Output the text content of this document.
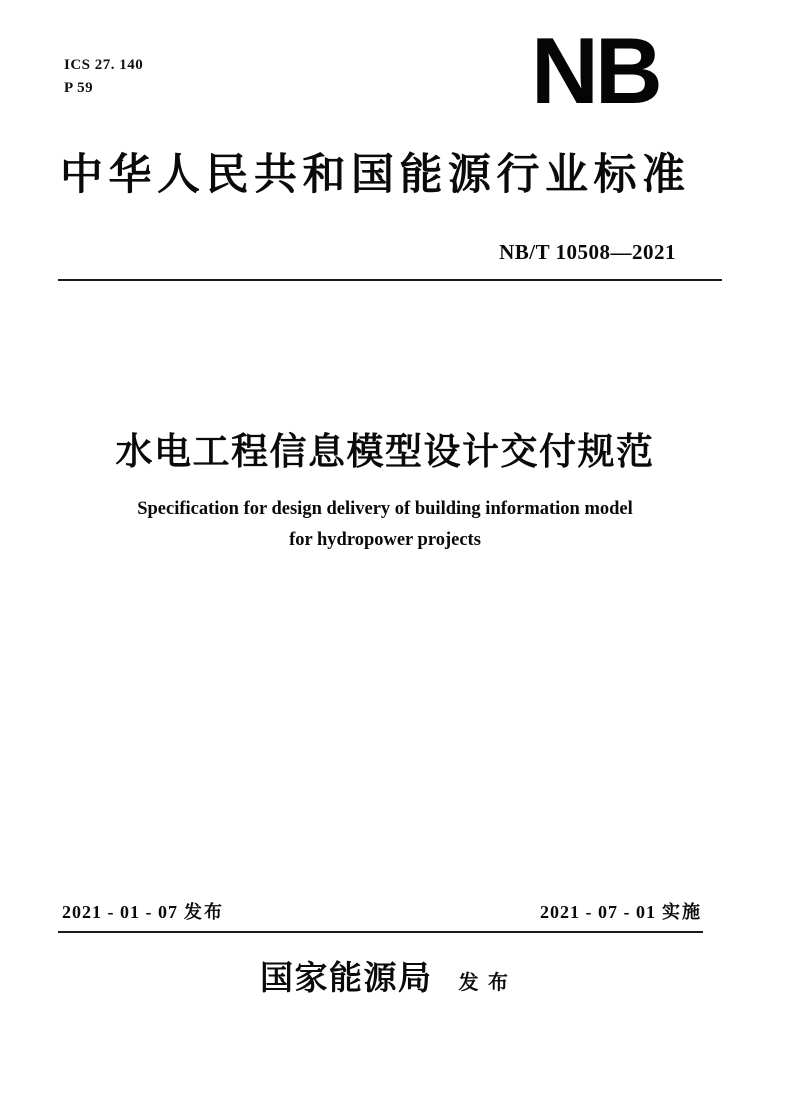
ICS 27. 140
P 59	NB
中华人民共和国能源行业标准
NB/T 10508—2021
水电工程信息模型设计交付规范
Specification for design delivery of building information model
for hydropower projects
2021 - 01 - 07 发布	2021 - 07 - 01 实施
国家能源局 发 布
